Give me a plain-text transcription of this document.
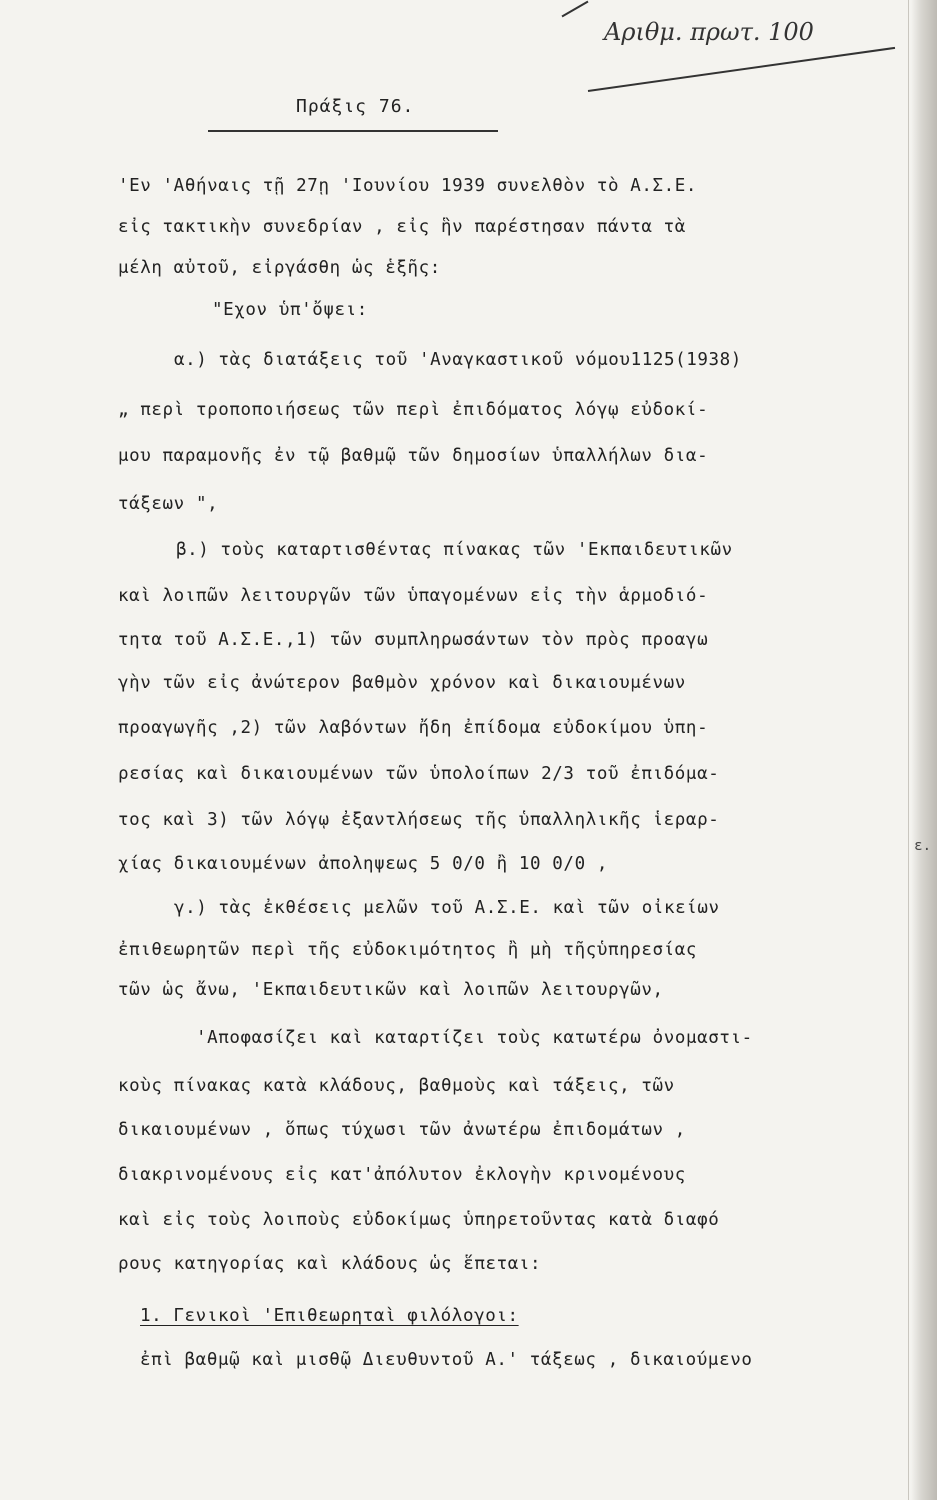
Αριθμ. πρωτ. 100
Πράξις 76.
ε.
'Εν 'Αθήναις τῇ 27ῃ 'Ιουνίου 1939 συνελθὸν τὸ Α.Σ.Ε.
εἰς τακτικὴν συνεδρίαν , εἰς ἣν παρέστησαν πάντα τὰ
μέλη αὐτοῦ, εἰργάσθη ὡς ἑξῆς:
"Εχον ὑπ'ὄψει:
α.) τὰς διατάξεις τοῦ 'Αναγκαστικοῦ νόμου1125(1938)
„ περὶ τροποποιήσεως τῶν περὶ ἐπιδόματος λόγῳ εὐδοκί-
μου παραμονῆς ἐν τῷ βαθμῷ τῶν δημοσίων ὑπαλλήλων δια-
τάξεων ",
β.) τοὺς καταρτισθέντας πίνακας τῶν 'Εκπαιδευτικῶν
καὶ λοιπῶν λειτουργῶν τῶν ὑπαγομένων εἰς τὴν ἁρμοδιό-
τητα τοῦ Α.Σ.Ε.,1) τῶν συμπληρωσάντων τὸν πρὸς προαγω
γὴν τῶν εἰς ἀνώτερον βαθμὸν χρόνον καὶ δικαιουμένων
προαγωγῆς ,2) τῶν λαβόντων ἤδη ἐπίδομα εὐδοκίμου ὑπη-
ρεσίας καὶ δικαιουμένων τῶν ὑπολοίπων 2/3 τοῦ ἐπιδόμα-
τος καὶ 3) τῶν λόγῳ ἐξαντλήσεως τῆς ὑπαλληλικῆς ἱεραρ-
χίας δικαιουμένων ἀποληψεως 5 0/0 ἢ 10 0/0 ,
γ.) τὰς ἐκθέσεις μελῶν τοῦ Α.Σ.Ε. καὶ τῶν οἰκείων
ἐπιθεωρητῶν περὶ τῆς εὐδοκιμότητος ἢ μὴ τῆςὑπηρεσίας
τῶν ὡς ἄνω, 'Εκπαιδευτικῶν καὶ λοιπῶν λειτουργῶν,
'Αποφασίζει καὶ καταρτίζει τοὺς κατωτέρω ὀνομαστι-
κοὺς πίνακας κατὰ κλάδους, βαθμοὺς καὶ τάξεις, τῶν
δικαιουμένων , ὅπως τύχωσι τῶν ἀνωτέρω ἐπιδομάτων ,
διακρινομένους εἰς κατ'ἀπόλυτον ἐκλογὴν κρινομένους
καὶ εἰς τοὺς λοιποὺς εὐδοκίμως ὑπηρετοῦντας κατὰ διαφό
ρους κατηγορίας καὶ κλάδους ὡς ἕπεται:
1. Γενικοὶ 'Επιθεωρηταὶ φιλόλογοι:
ἐπὶ βαθμῷ καὶ μισθῷ Διευθυντοῦ Α.' τάξεως , δικαιούμενο
